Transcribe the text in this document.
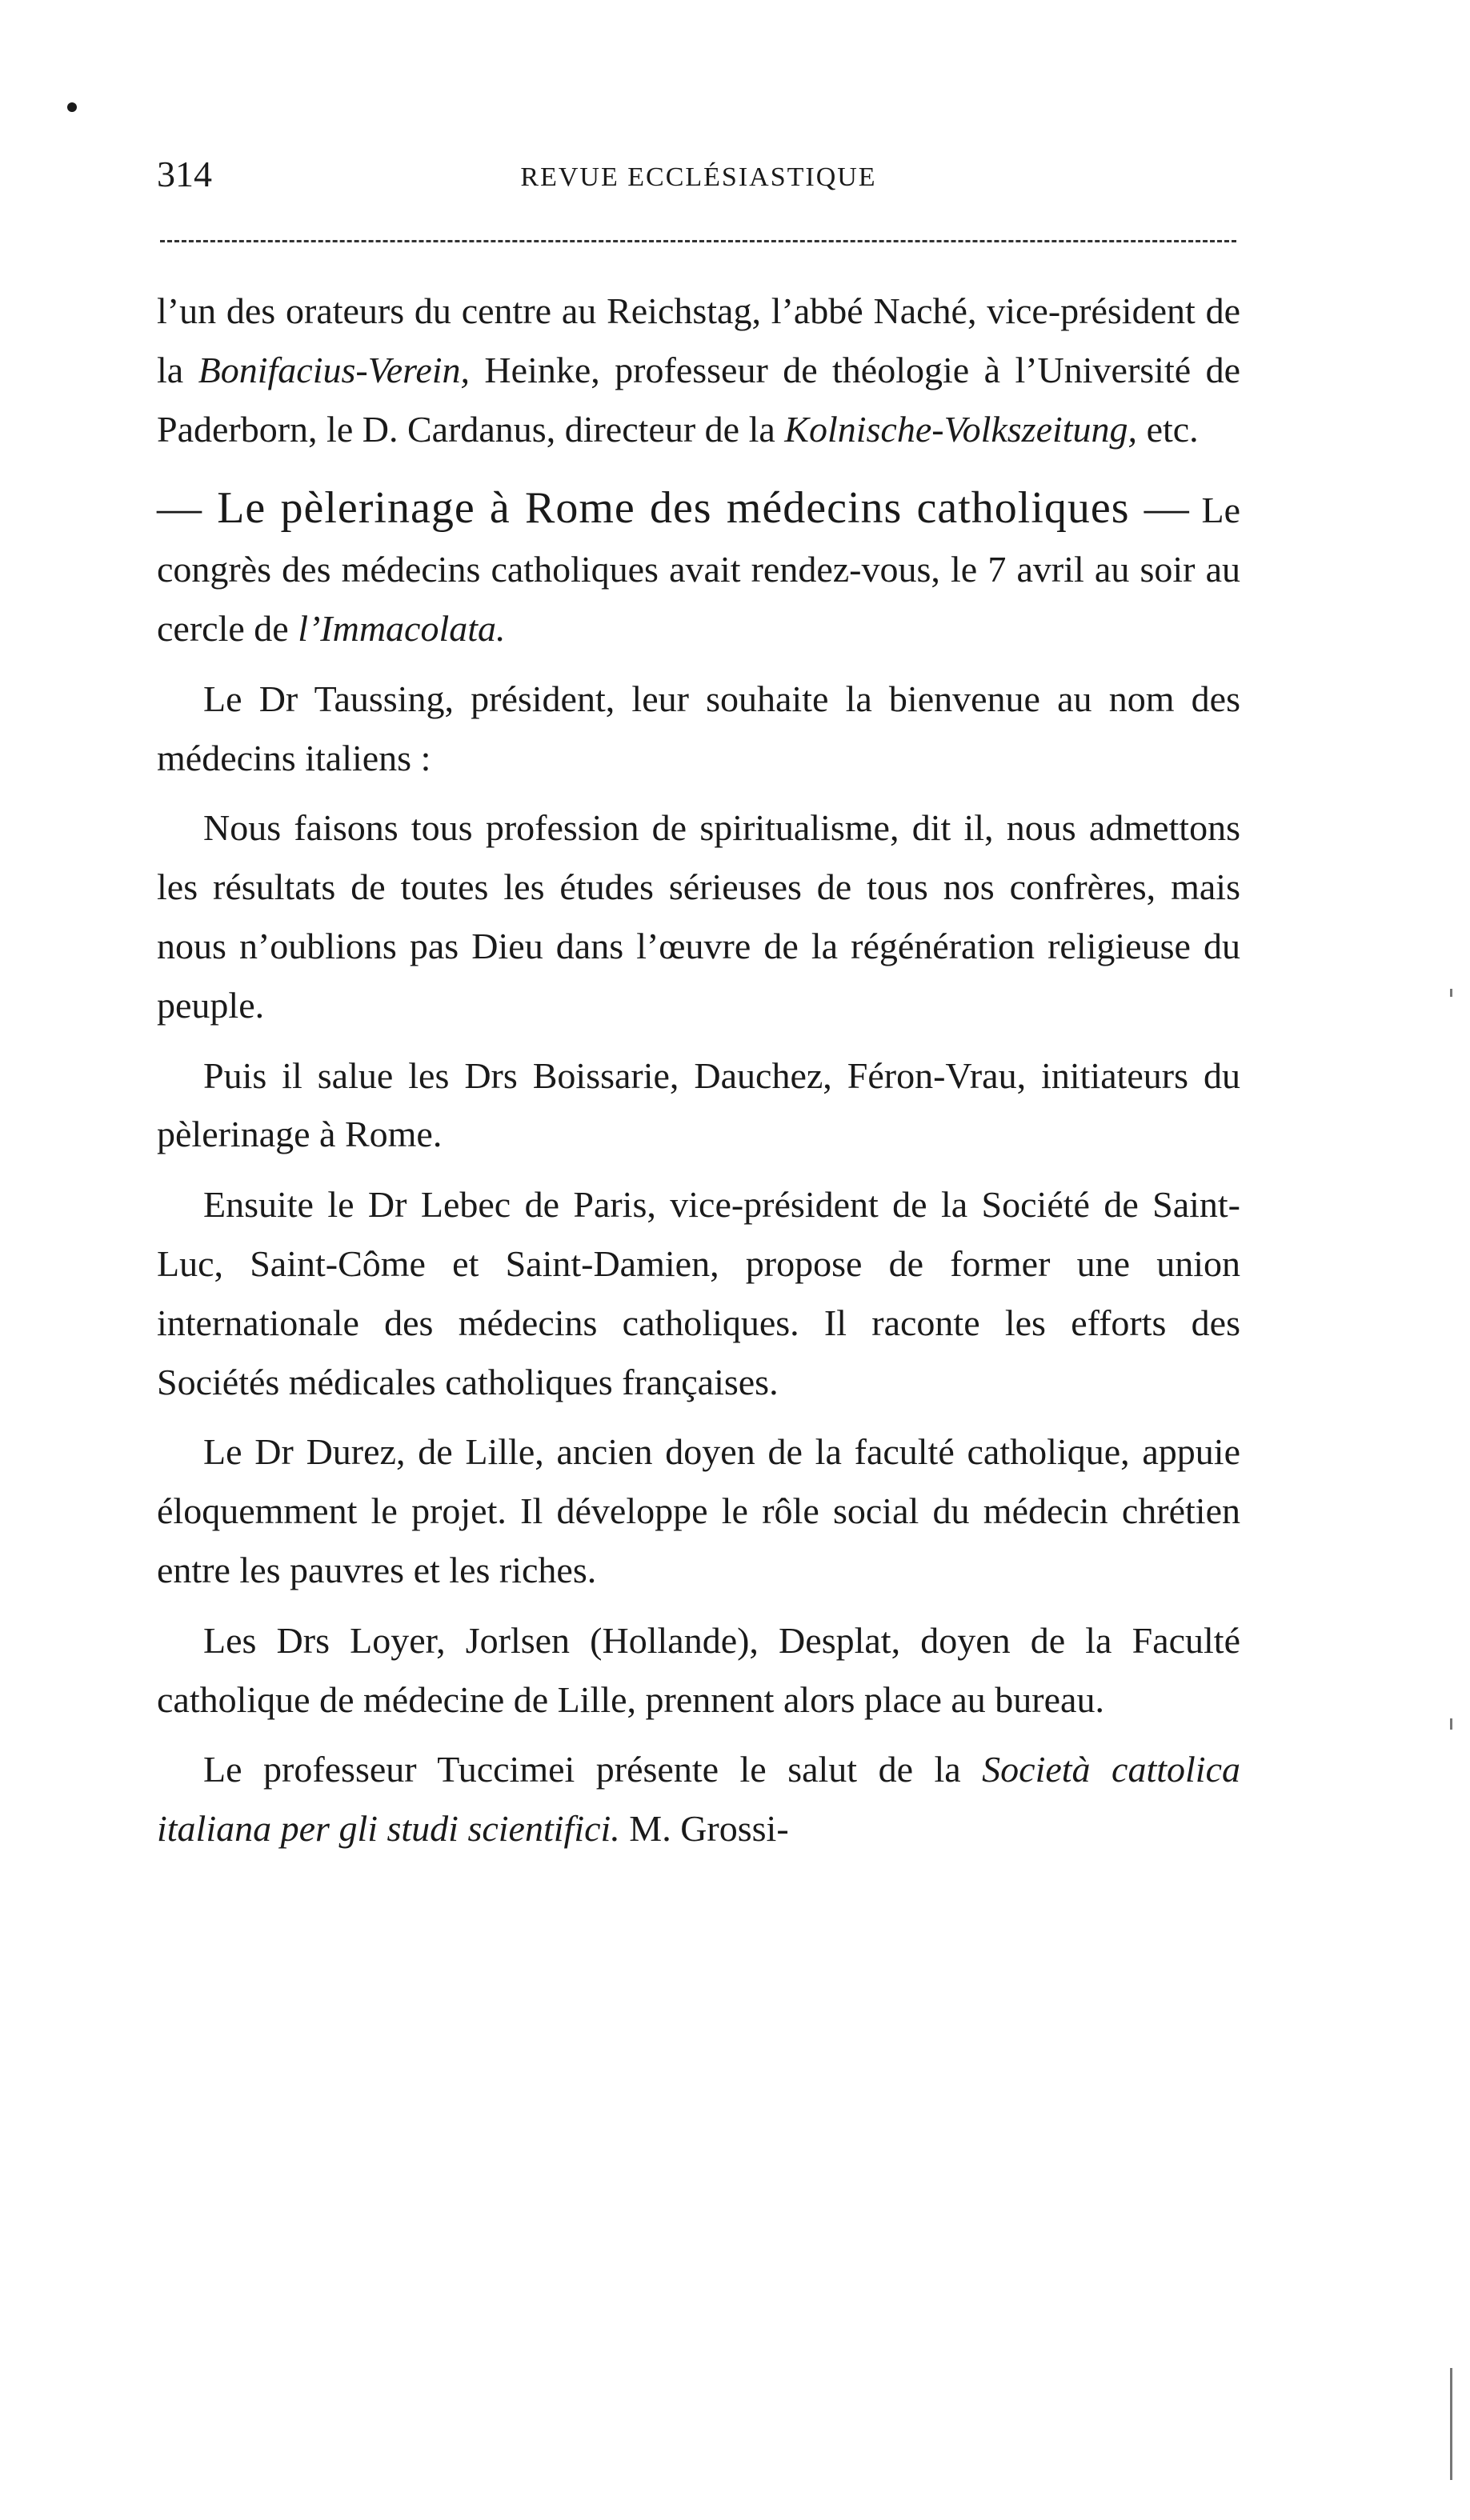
314	REVUE ECCLÉSIASTIQUE

l’un des orateurs du centre au Reichstag, l’abbé Naché, vice-président de la Bonifacius-Verein, Heinke, professeur de théologie à l’Université de Paderborn, le D. Cardanus, directeur de la Kolnische-Volkszeitung, etc.

— Le pèlerinage à Rome des médecins catholiques — Le congrès des médecins catholiques avait rendez-vous, le 7 avril au soir au cercle de l’Immacolata.

Le Dr Taussing, président, leur souhaite la bienvenue au nom des médecins italiens :

Nous faisons tous profession de spiritualisme, dit il, nous admettons les résultats de toutes les études sérieuses de tous nos confrères, mais nous n’oublions pas Dieu dans l’œuvre de la régénération religieuse du peuple.

Puis il salue les Drs Boissarie, Dauchez, Féron-Vrau, initiateurs du pèlerinage à Rome.

Ensuite le Dr Lebec de Paris, vice-président de la Société de Saint-Luc, Saint-Côme et Saint-Damien, propose de former une union internationale des médecins catholiques. Il raconte les efforts des Sociétés médicales catholiques françaises.

Le Dr Durez, de Lille, ancien doyen de la faculté catholique, appuie éloquemment le projet. Il développe le rôle social du médecin chrétien entre les pauvres et les riches.

Les Drs Loyer, Jorlsen (Hollande), Desplat, doyen de la Faculté catholique de médecine de Lille, prennent alors place au bureau.

Le professeur Tuccimei présente le salut de la Società cattolica italiana per gli studi scientifici. M. Grossi-
